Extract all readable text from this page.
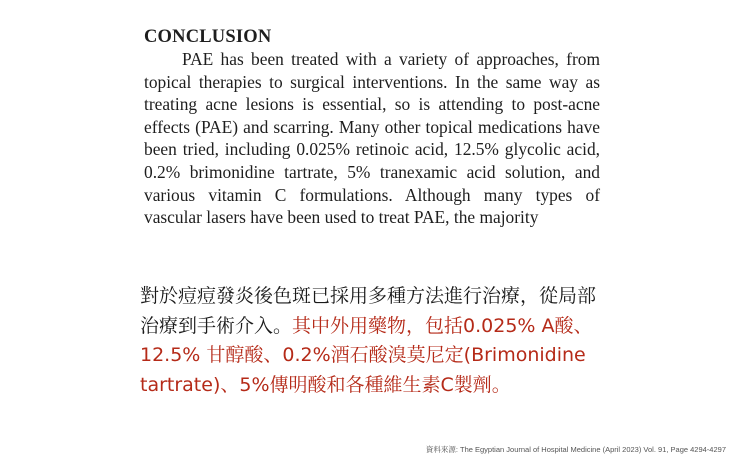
CONCLUSION

PAE has been treated with a variety of approaches, from topical therapies to surgical interventions. In the same way as treating acne lesions is essential, so is attending to post-acne effects (PAE) and scarring. Many other topical medications have been tried, including 0.025% retinoic acid, 12.5% glycolic acid, 0.2% brimonidine tartrate, 5% tranexamic acid solution, and various vitamin C formulations. Although many types of vascular lasers have been used to treat PAE, the majority

對於痘痘發炎後色斑已採用多種方法進行治療，從局部治療到手術介入。其中外用藥物，包括0.025% A酸、12.5% 甘醇酸、0.2%酒石酸溴莫尼定(Brimonidine tartrate)、5%傳明酸和各種維生素C製劑。

資料來源: The Egyptian Journal of Hospital Medicine (April 2023) Vol. 91, Page 4294-4297
